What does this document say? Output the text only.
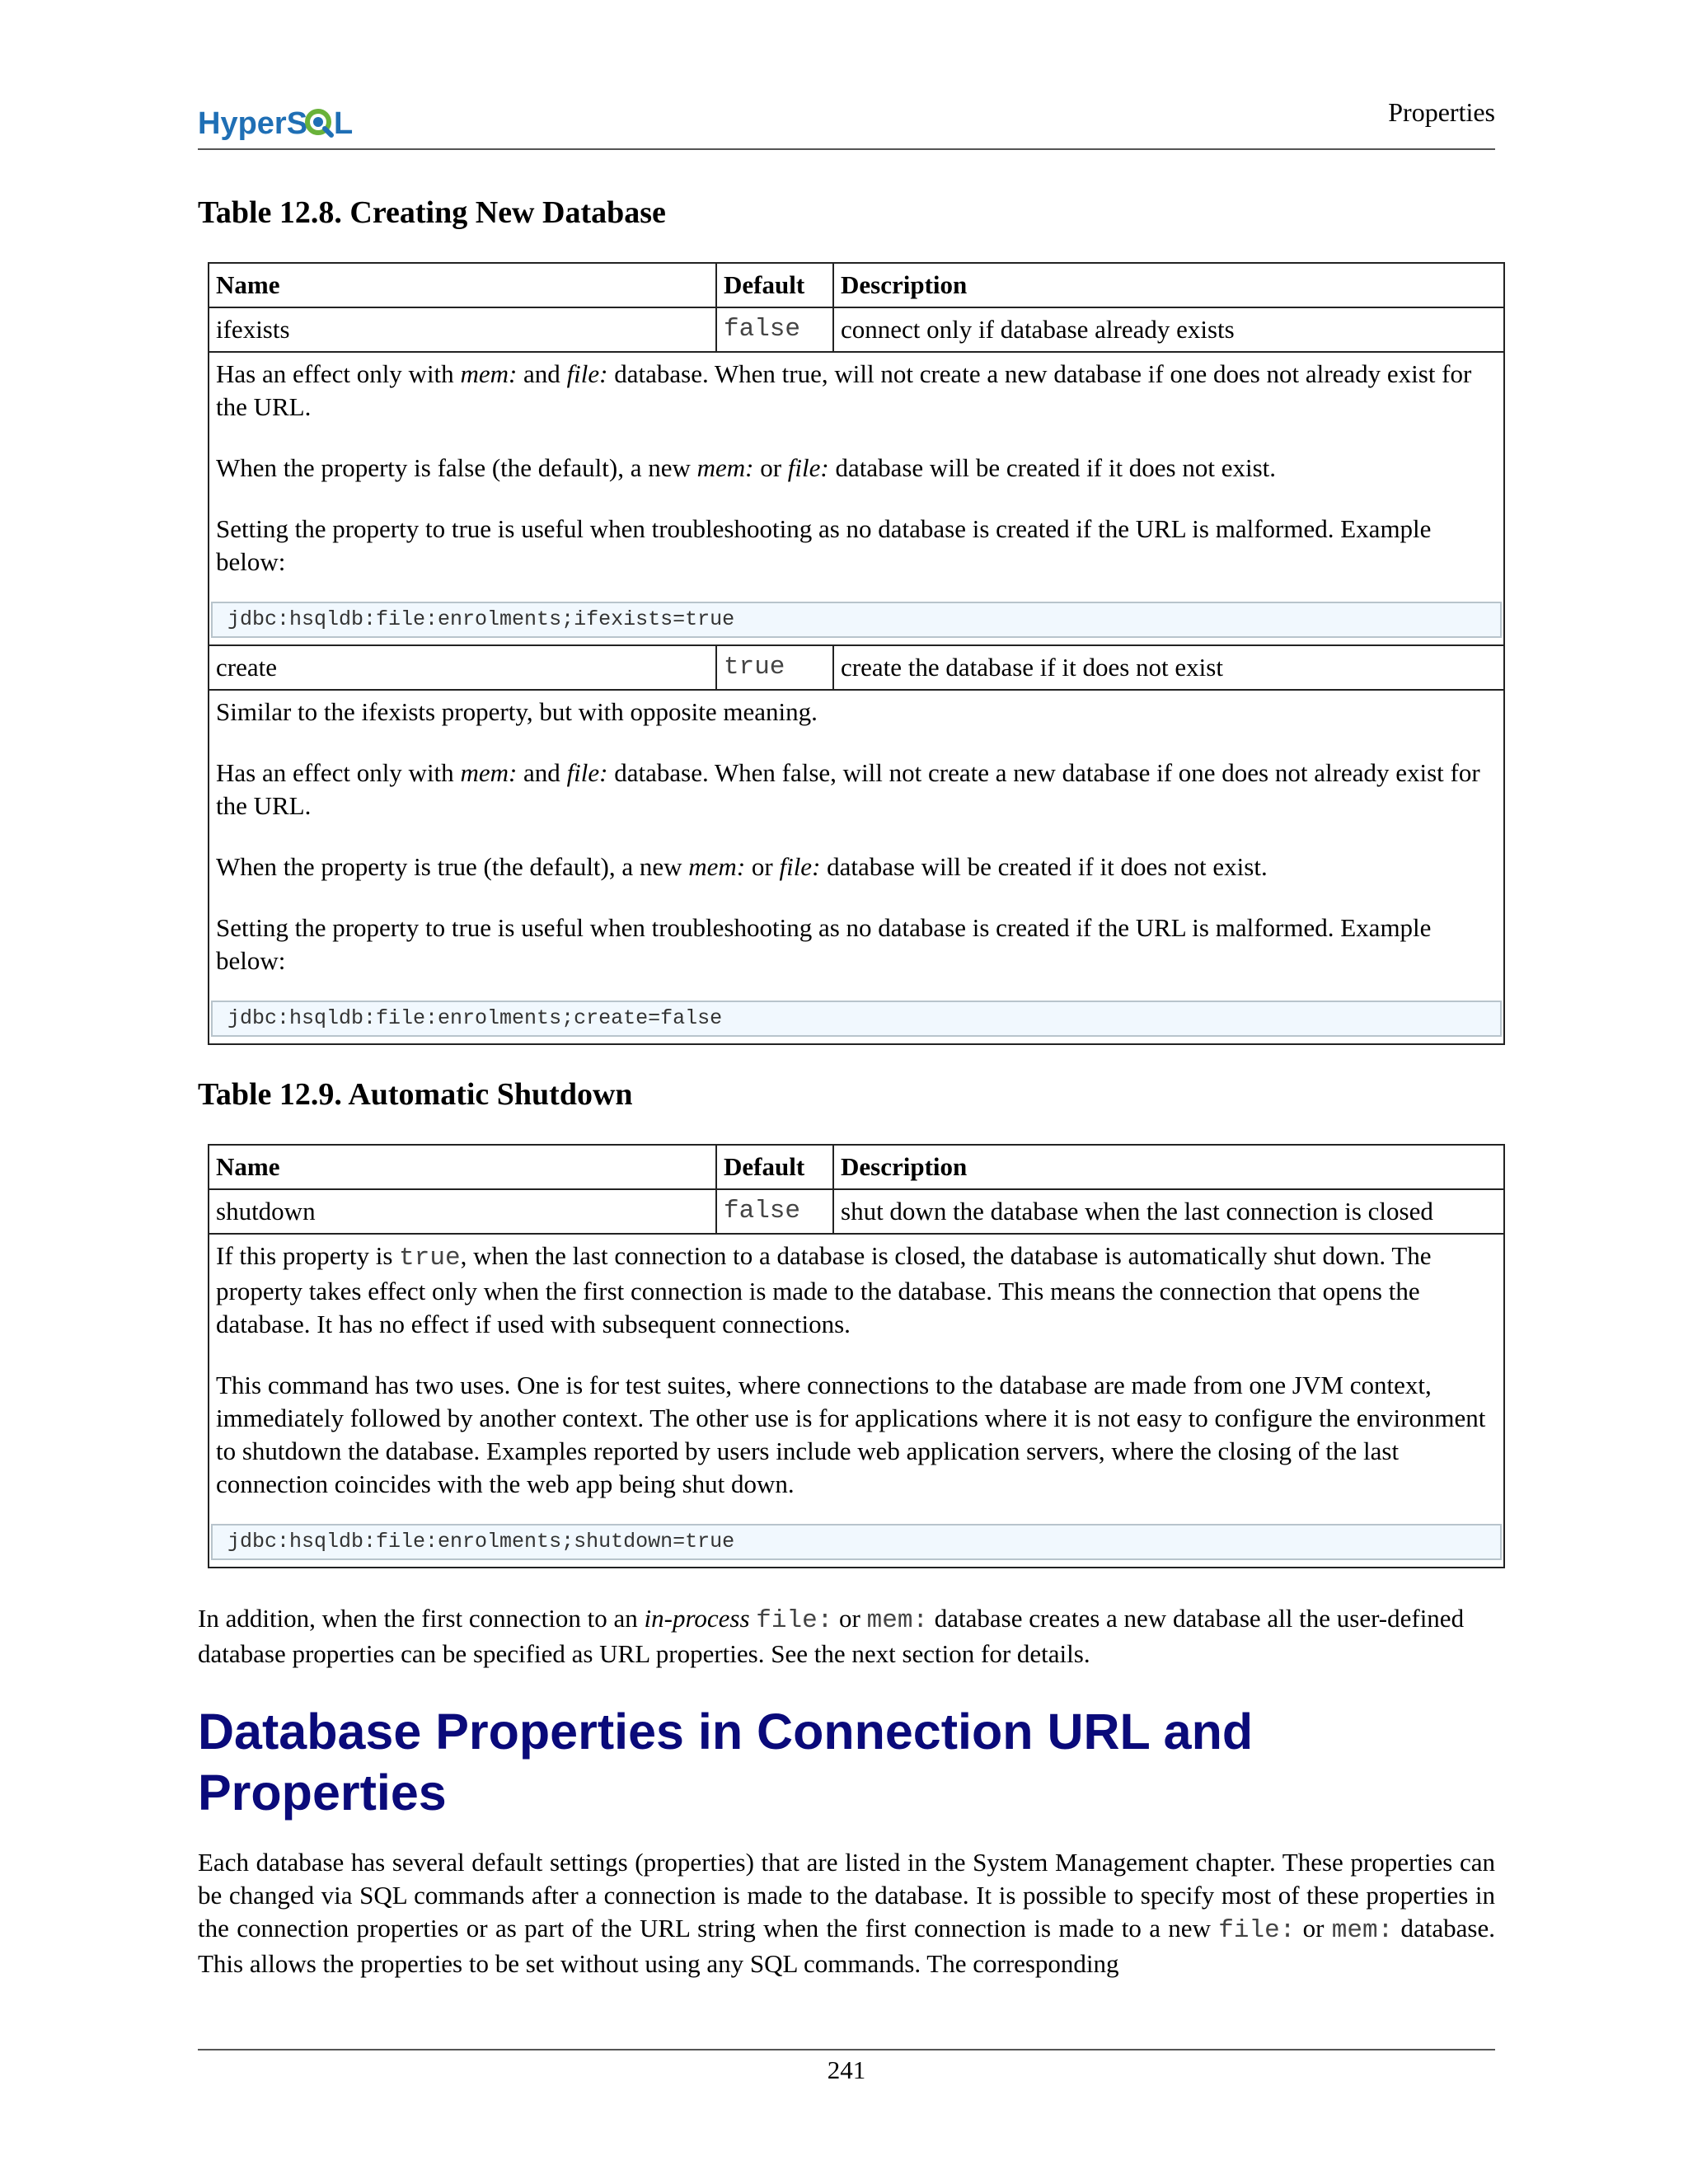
HyperS L	Properties
Table 12.8. Creating New Database
Name	Default	Description
ifexists	false	connect only if database already exists

Has an effect only with mem: and file: database. When true, will not create a new database if one does not already exist for the URL.

When the property is false (the default), a new mem: or file: database will be created if it does not exist.

Setting the property to true is useful when troubleshooting as no database is created if the URL is malformed. Example below:

jdbc:hsqldb:file:enrolments;ifexists=true		

create	true	create the database if it does not exist

Similar to the ifexists property, but with opposite meaning.

Has an effect only with mem: and file: database. When false, will not create a new database if one does not already exist for the URL.

When the property is true (the default), a new mem: or file: database will be created if it does not exist.

Setting the property to true is useful when troubleshooting as no database is created if the URL is malformed. Example below:

jdbc:hsqldb:file:enrolments;create=false		
Table 12.9. Automatic Shutdown
Name	Default	Description
shutdown	false	shut down the database when the last connection is closed

If this property is true, when the last connection to a database is closed, the database is automatically shut down. The property takes effect only when the first connection is made to the database. This means the connection that opens the database. It has no effect if used with subsequent connections.

This command has two uses. One is for test suites, where connections to the database are made from one JVM context, immediately followed by another context. The other use is for applications where it is not easy to configure the environment to shutdown the database. Examples reported by users include web application servers, where the closing of the last connection coincides with the web app being shut down.

jdbc:hsqldb:file:enrolments;shutdown=true		

In addition, when the first connection to an in-process file: or mem: database creates a new database all the user-defined database properties can be specified as URL properties. See the next section for details.

Database Properties in Connection URL and Properties

Each database has several default settings (properties) that are listed in the System Management chapter. These properties can be changed via SQL commands after a connection is made to the database. It is possible to specify most of these properties in the connection properties or as part of the URL string when the first connection is made to a new file: or mem: database. This allows the properties to be set without using any SQL commands. The corresponding

241
